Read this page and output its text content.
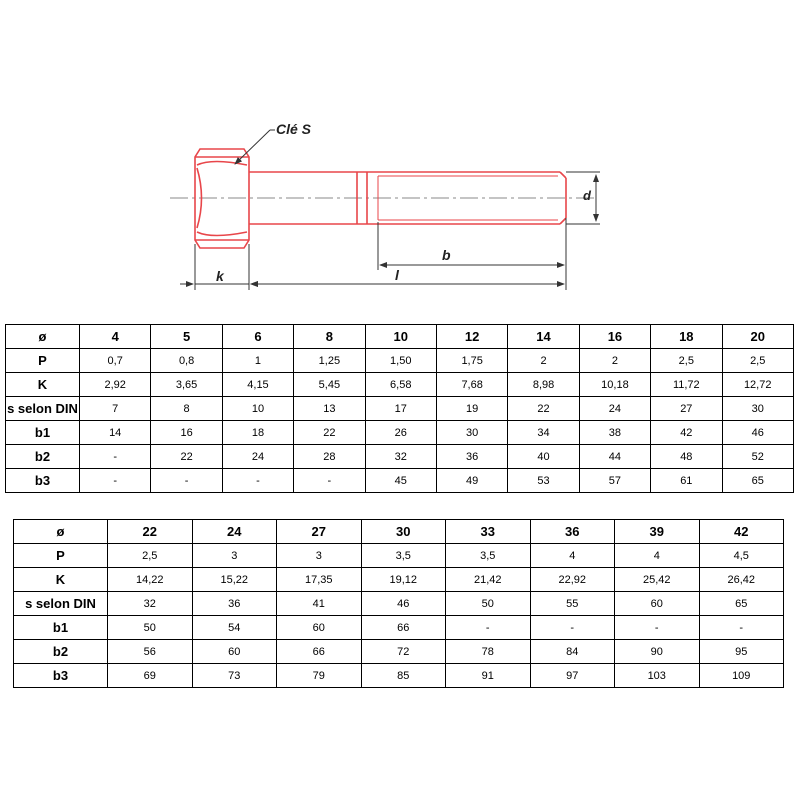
Clé S
d
b
l
k
ø	4	5	6	8	10	12	14	16	18	20
P	0,7	0,8	1	1,25	1,50	1,75	2	2	2,5	2,5
K	2,92	3,65	4,15	5,45	6,58	7,68	8,98	10,18	11,72	12,72
s selon DIN	7	8	10	13	17	19	22	24	27	30
b1	14	16	18	22	26	30	34	38	42	46
b2	-	22	24	28	32	36	40	44	48	52
b3	-	-	-	-	45	49	53	57	61	65
ø	22	24	27	30	33	36	39	42
P	2,5	3	3	3,5	3,5	4	4	4,5
K	14,22	15,22	17,35	19,12	21,42	22,92	25,42	26,42
s selon DIN	32	36	41	46	50	55	60	65
b1	50	54	60	66	-	-	-	-
b2	56	60	66	72	78	84	90	95
b3	69	73	79	85	91	97	103	109
